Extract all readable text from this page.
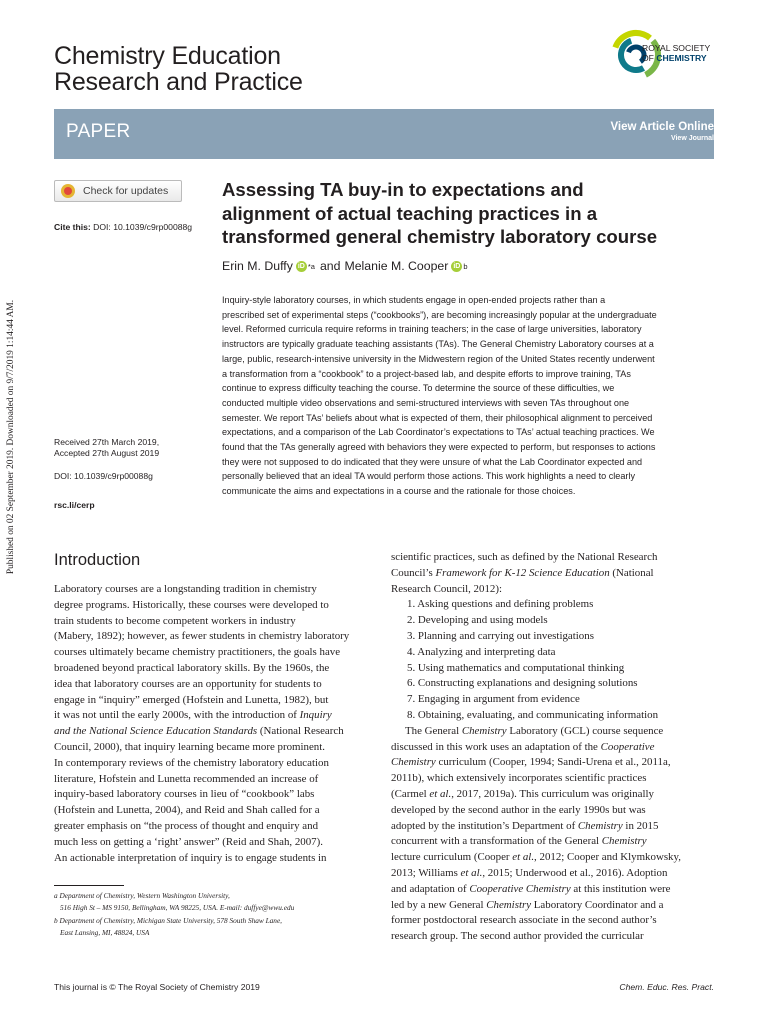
Published on 02 September 2019. Downloaded on 9/7/2019 1:14:44 AM.
Chemistry Education
Research and Practice
ROYAL SOCIETY
OF CHEMISTRY
PAPER	View Article Online
View Journal
Check for updates
Cite this: DOI: 10.1039/c9rp00088g
Received 27th March 2019,
Accepted 27th August 2019
DOI: 10.1039/c9rp00088g
rsc.li/cerp
Assessing TA buy-in to expectations and
alignment of actual teaching practices in a
transformed general chemistry laboratory course
Erin M. Duffy iD *a and Melanie M. Cooper iD b
Inquiry-style laboratory courses, in which students engage in open-ended projects rather than a
prescribed set of experimental steps (“cookbooks”), are becoming increasingly popular at the undergraduate
level. Reformed curricula require reforms in training teachers; in the case of large universities, laboratory
instructors are typically graduate teaching assistants (TAs). The General Chemistry Laboratory courses at a
large, public, research-intensive university in the Midwestern region of the United States recently underwent
a transformation from a “cookbook” to a project-based lab, and despite efforts to improve training, TAs
continue to express difficulty teaching the course. To determine the source of these difficulties, we
conducted multiple video observations and semi-structured interviews with seven TAs throughout one
semester. We report TAs’ beliefs about what is expected of them, their philosophical alignment to perceived
expectations, and a comparison of the Lab Coordinator’s expectations to TAs’ actual teaching practices. We
found that the TAs generally agreed with behaviors they were expected to perform, but responses to actions
they were not supposed to do indicated that they were unsure of what the Lab Coordinator expected and
personally believed that an ideal TA would perform those actions. This work highlights a need to clearly
communicate the aims and expectations in a course and the rationale for those choices.
Introduction
Laboratory courses are a longstanding tradition in chemistry
degree programs. Historically, these courses were developed to
train students to become competent workers in industry
(Mabery, 1892); however, as fewer students in chemistry laboratory
courses ultimately became chemistry practitioners, the goals have
broadened beyond practical laboratory skills. By the 1960s, the
idea that laboratory courses are an opportunity for students to
engage in “inquiry” emerged (Hofstein and Lunetta, 1982), but
it was not until the early 2000s, with the introduction of Inquiry
and the National Science Education Standards (National Research
Council, 2000), that inquiry learning became more prominent.
In contemporary reviews of the chemistry laboratory education
literature, Hofstein and Lunetta recommended an increase of
inquiry-based laboratory courses in lieu of “cookbook” labs
(Hofstein and Lunetta, 2004), and Reid and Shah called for a
greater emphasis on “the process of thought and enquiry and
much less on getting a ‘right’ answer” (Reid and Shah, 2007).
An actionable interpretation of inquiry is to engage students in
scientific practices, such as defined by the National Research
Council’s Framework for K-12 Science Education (National
Research Council, 2012):
1. Asking questions and defining problems
2. Developing and using models
3. Planning and carrying out investigations
4. Analyzing and interpreting data
5. Using mathematics and computational thinking
6. Constructing explanations and designing solutions
7. Engaging in argument from evidence
8. Obtaining, evaluating, and communicating information
The General Chemistry Laboratory (GCL) course sequence
discussed in this work uses an adaptation of the Cooperative
Chemistry curriculum (Cooper, 1994; Sandi-Urena et al., 2011a,
2011b), which extensively incorporates scientific practices
(Carmel et al., 2017, 2019a). This curriculum was originally
developed by the second author in the early 1990s but was
adopted by the institution’s Department of Chemistry in 2015
concurrent with a transformation of the General Chemistry
lecture curriculum (Cooper et al., 2012; Cooper and Klymkowsky,
2013; Williams et al., 2015; Underwood et al., 2016). Adoption
and adaptation of Cooperative Chemistry at this institution were
led by a new General Chemistry Laboratory Coordinator and a
former postdoctoral research associate in the second author’s
research group. The second author provided the curricular
a Department of Chemistry, Western Washington University,
516 High St – MS 9150, Bellingham, WA 98225, USA. E-mail: duffye@wwu.edu
b Department of Chemistry, Michigan State University, 578 South Shaw Lane,
East Lansing, MI, 48824, USA
This journal is © The Royal Society of Chemistry 2019	Chem. Educ. Res. Pract.
